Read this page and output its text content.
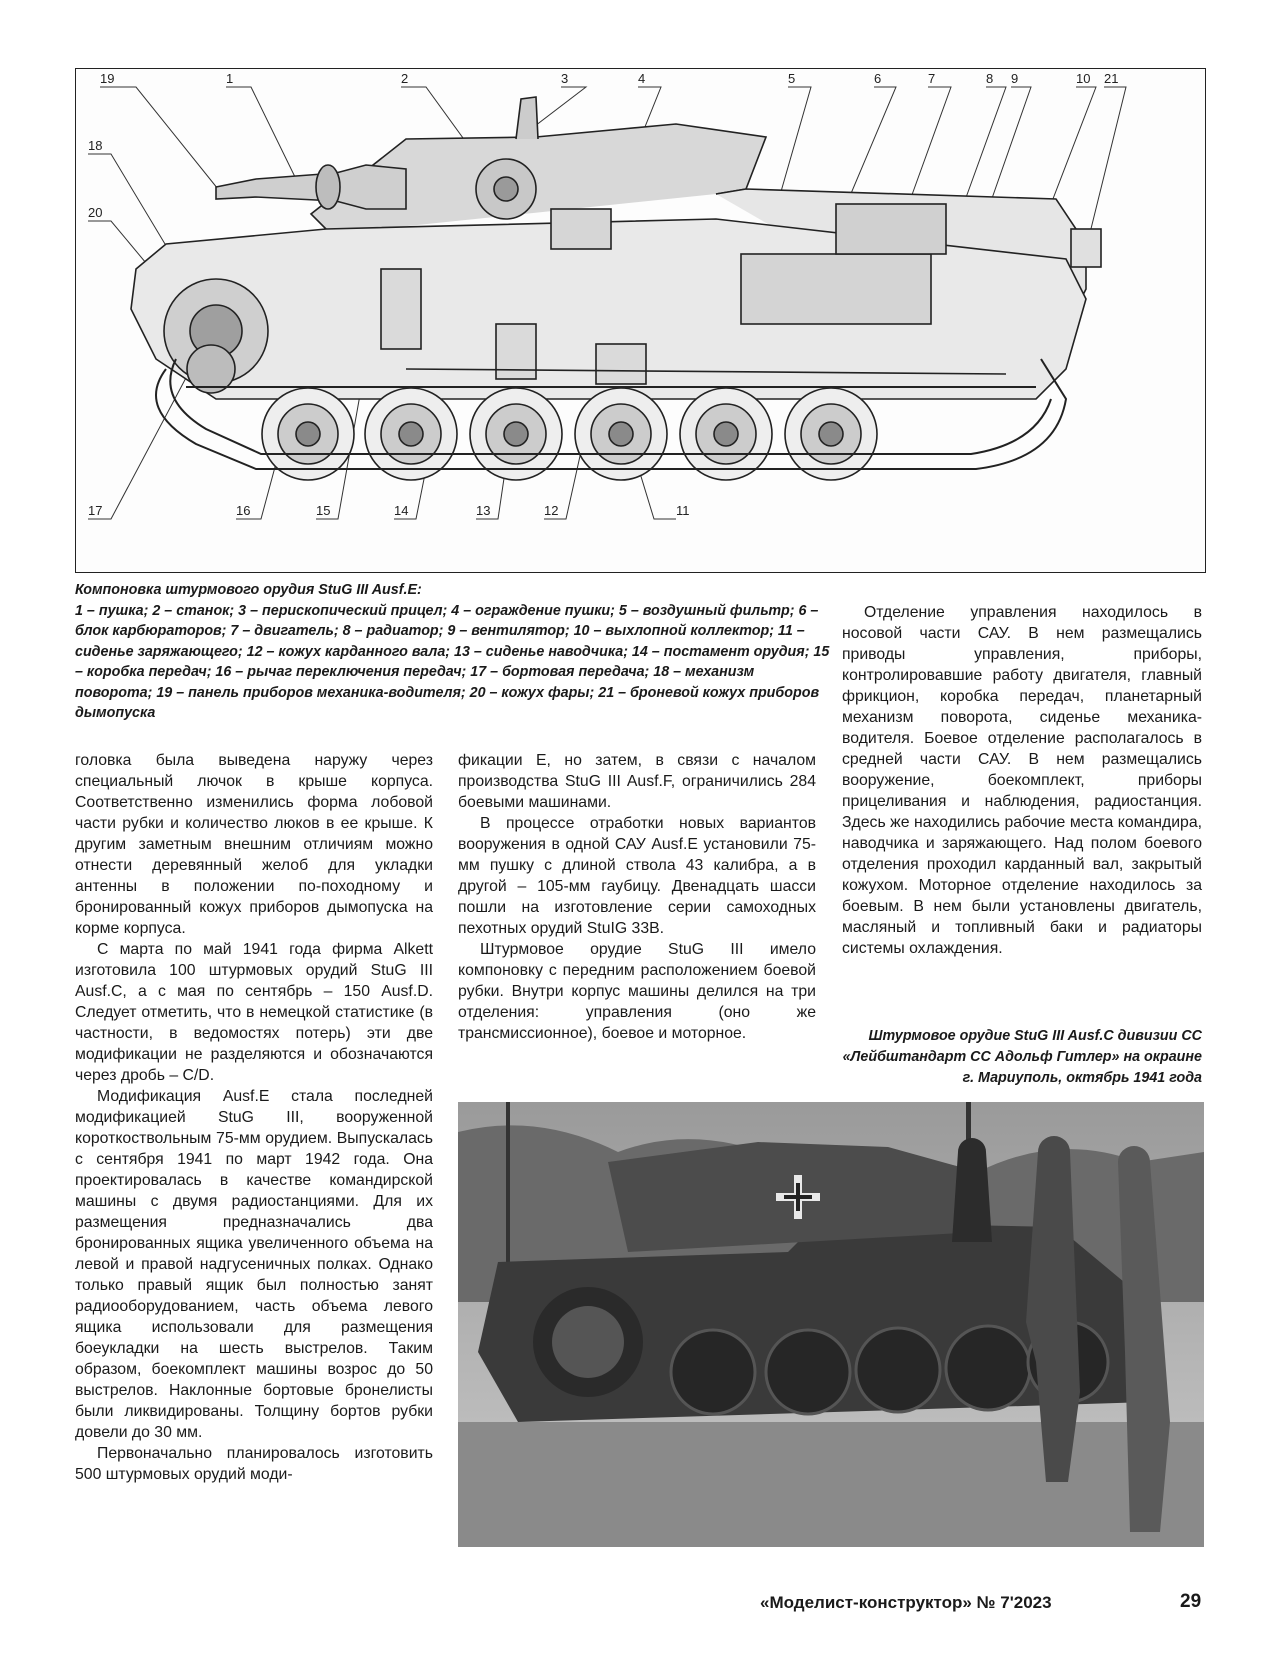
19	1	2	3	4	5	6	7	8 9	10 21
18
20
17	16	15	14	13	12	11
Компоновка штурмового орудия StuG III Ausf.E:
1 – пушка; 2 – станок; 3 – перископический прицел; 4 – ограждение пушки; 5 – воздушный фильтр; 6 – блок карбюраторов; 7 – двигатель; 8 – радиатор; 9 – вентилятор; 10 – выхлопной коллектор; 11 – сиденье заряжающего; 12 – кожух карданного вала; 13 – сиденье наводчика; 14 – постамент орудия; 15 – коробка передач; 16 – рычаг переключения передач; 17 – бортовая передача; 18 – механизм поворота; 19 – панель приборов механика-водителя; 20 – кожух фары; 21 – броневой кожух приборов дымопуска

головка была выведена наружу через специальный лючок в крыше корпуса. Соответственно изменились форма лобовой части рубки и количество люков в ее крыше. К другим заметным внешним отличиям можно отнести деревянный желоб для укладки антенны в положении по-походному и бронированный кожух приборов дымопуска на корме корпуса.

С марта по май 1941 года фирма Alkett изготовила 100 штурмовых орудий StuG III Ausf.C, а с мая по сентябрь – 150 Ausf.D. Следует отметить, что в немецкой статистике (в частности, в ведомостях потерь) эти две модификации не разделяются и обозначаются через дробь – C/D.

Модификация Ausf.E стала последней модификацией StuG III, вооруженной короткоствольным 75-мм орудием. Выпускалась с сентября 1941 по март 1942 года. Она проектировалась в качестве командирской машины с двумя радиостанциями. Для их размещения предназначались два бронированных ящика увеличенного объема на левой и правой надгусеничных полках. Однако только правый ящик был полностью занят радиооборудованием, часть объема левого ящика использовали для размещения боеукладки на шесть выстрелов. Таким образом, боекомплект машины возрос до 50 выстрелов. Наклонные бортовые бронелисты были ликвидированы. Толщину бортов рубки довели до 30 мм.

Первоначально планировалось изготовить 500 штурмовых орудий моди-

фикации E, но затем, в связи с началом производства StuG III Ausf.F, ограничились 284 боевыми машинами.

В процессе отработки новых вариантов вооружения в одной САУ Ausf.E установили 75-мм пушку с длиной ствола 43 калибра, а в другой – 105-мм гаубицу. Двенадцать шасси пошли на изготовление серии самоходных пехотных орудий StuIG 33B.

Штурмовое орудие StuG III имело компоновку с передним расположением боевой рубки. Внутри корпус машины делился на три отделения: управления (оно же трансмиссионное), боевое и моторное.

Отделение управления находилось в носовой части САУ. В нем размещались приводы управления, приборы, контролировавшие работу двигателя, главный фрикцион, коробка передач, планетарный механизм поворота, сиденье механика-водителя. Боевое отделение располагалось в средней части САУ. В нем размещались вооружение, боекомплект, приборы прицеливания и наблюдения, радиостанция. Здесь же находились рабочие места командира, наводчика и заряжающего. Над полом боевого отделения проходил карданный вал, закрытый кожухом. Моторное отделение находилось за боевым. В нем были установлены двигатель, масляный и топливный баки и радиаторы системы охлаждения.

Штурмовое орудие StuG III Ausf.C дивизии СС «Лейбштандарт СС Адольф Гитлер» на окраине г. Мариуполь, октябрь 1941 года
«Моделист-конструктор» № 7'2023	29
